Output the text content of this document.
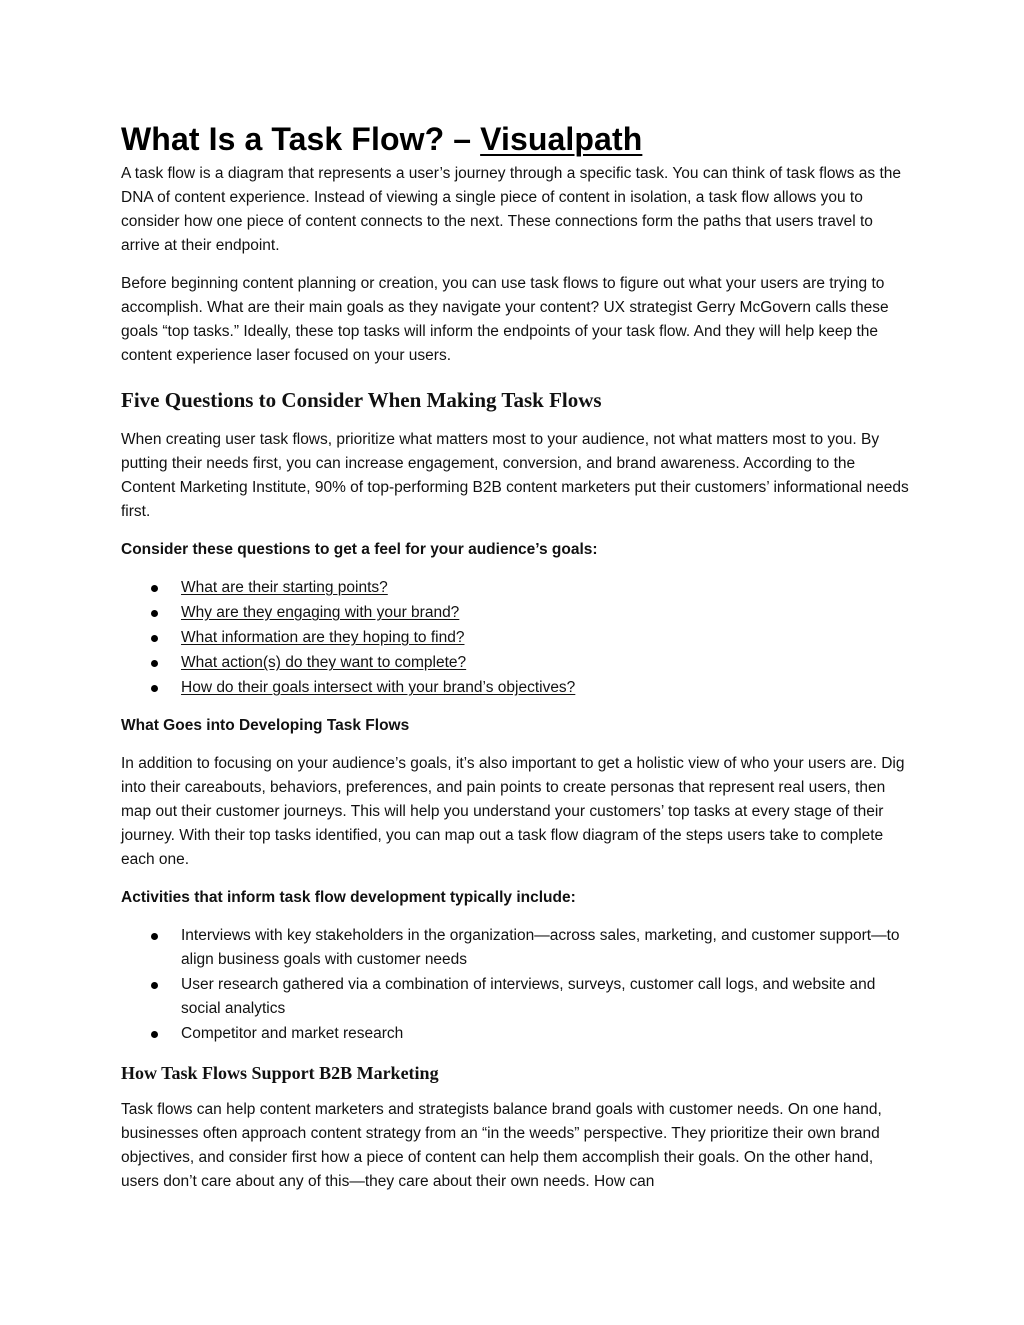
What Is a Task Flow? – Visualpath

A task flow is a diagram that represents a user’s journey through a specific task. You can think of task flows as the DNA of content experience. Instead of viewing a single piece of content in isolation, a task flow allows you to consider how one piece of content connects to the next. These connections form the paths that users travel to arrive at their endpoint.

Before beginning content planning or creation, you can use task flows to figure out what your users are trying to accomplish. What are their main goals as they navigate your content? UX strategist Gerry McGovern calls these goals “top tasks.” Ideally, these top tasks will inform the endpoints of your task flow. And they will help keep the content experience laser focused on your users.

Five Questions to Consider When Making Task Flows

When creating user task flows, prioritize what matters most to your audience, not what matters most to you. By putting their needs first, you can increase engagement, conversion, and brand awareness. According to the Content Marketing Institute, 90% of top-performing B2B content marketers put their customers’ informational needs first.

Consider these questions to get a feel for your audience’s goals:
What are their starting points?
Why are they engaging with your brand?
What information are they hoping to find?
What action(s) do they want to complete?
How do their goals intersect with your brand’s objectives?
What Goes into Developing Task Flows

In addition to focusing on your audience’s goals, it’s also important to get a holistic view of who your users are. Dig into their careabouts, behaviors, preferences, and pain points to create personas that represent real users, then map out their customer journeys. This will help you understand your customers’ top tasks at every stage of their journey. With their top tasks identified, you can map out a task flow diagram of the steps users take to complete each one.

Activities that inform task flow development typically include:
Interviews with key stakeholders in the organization—across sales, marketing, and customer support—to align business goals with customer needs
User research gathered via a combination of interviews, surveys, customer call logs, and website and social analytics
Competitor and market research
How Task Flows Support B2B Marketing

Task flows can help content marketers and strategists balance brand goals with customer needs. On one hand, businesses often approach content strategy from an “in the weeds” perspective. They prioritize their own brand objectives, and consider first how a piece of content can help them accomplish their goals. On the other hand, users don’t care about any of this—they care about their own needs. How can
